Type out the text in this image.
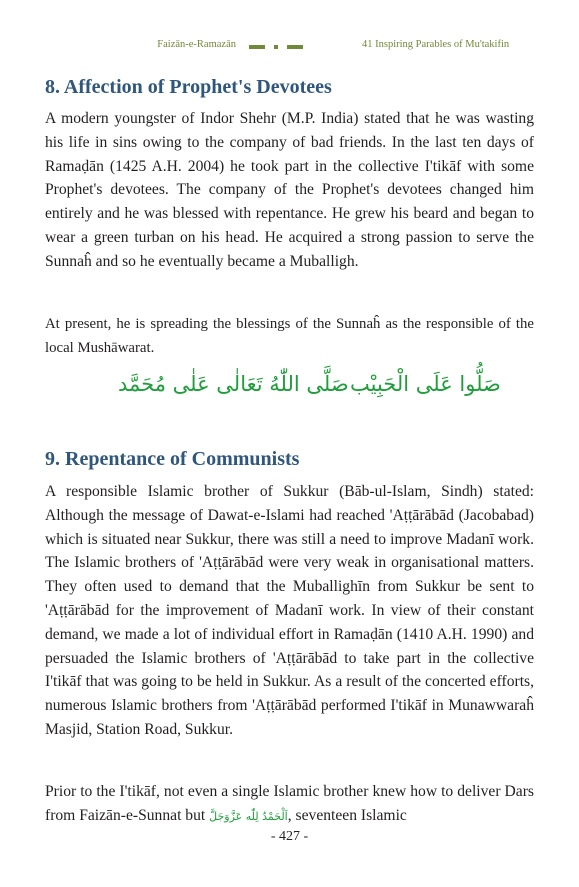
Faizān-e-Ramazān	41 Inspiring Parables of Mu'takifin
8. Affection of Prophet's Devotees

A modern youngster of Indor Shehr (M.P. India) stated that he was wasting his life in sins owing to the company of bad friends. In the last ten days of Ramaḍān (1425 A.H. 2004) he took part in the collective I'tikāf with some Prophet's devotees. The company of the Prophet's devotees changed him entirely and he was blessed with repentance. He grew his beard and began to wear a green turban on his head. He acquired a strong passion to serve the Sunnaĥ and so he eventually became a Muballigh.

At present, he is spreading the blessings of the Sunnaĥ as the responsible of the local Mushāwarat.

صَلُّوا عَلَى الْحَبِيْب
صَلَّى اللّٰهُ تَعَالٰى عَلٰى مُحَمَّد
9. Repentance of Communists

A responsible Islamic brother of Sukkur (Bāb-ul-Islam, Sindh) stated: Although the message of Dawat-e-Islami had reached 'Aṭṭārābād (Jacobabad) which is situated near Sukkur, there was still a need to improve Madanī work. The Islamic brothers of 'Aṭṭārābād were very weak in organisational matters. They often used to demand that the Muballighīn from Sukkur be sent to 'Aṭṭārābād for the improvement of Madanī work. In view of their constant demand, we made a lot of individual effort in Ramaḍān (1410 A.H. 1990) and persuaded the Islamic brothers of 'Aṭṭārābād to take part in the collective I'tikāf that was going to be held in Sukkur. As a result of the concerted efforts, numerous Islamic brothers from 'Aṭṭārābād performed I'tikāf in Munawwaraĥ Masjid, Station Road, Sukkur.

Prior to the I'tikāf, not even a single Islamic brother knew how to deliver Dars from Faizān-e-Sunnat but اَلْحَمْدُ لِلّٰه عَزَّوَجَلَّ, seventeen Islamic

- 427 -
